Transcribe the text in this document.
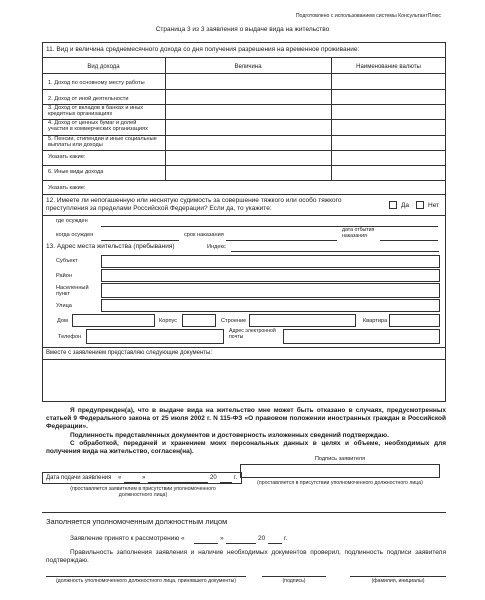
Подготовлено с использованием системы КонсультантПлюс
Страница 3 из 3 заявления о выдаче вида на жительство
11. Вид и величина среднемесячного дохода со дня получения разрешения на временное проживание:
Вид дохода	Величина	Наименование валюты
1. Доход по основному месту работы
2. Доход от иной деятельности
3. Доход от вкладов в банках и иных кредитных организациях
4. Доход от ценных бумаг и долей участия в коммерческих организациях
5. Пенсии, стипендии и иные социальные выплаты или доходы
Указать какие:
6. Иные виды дохода
Указать какие:
12. Имеете ли непогашенную или неснятую судимость за совершение тяжкого или особо тяжкого преступления за пределами Российской Федерации? Если да, то укажите:	Да	Нет
где осужден
когда осужден	срок наказания
дата отбытия наказания
13. Адрес места жительства (пребывания)	Индекс
Субъект
Район
Населенный пункт
Улица
Дом	Корпус	Строение	Квартира
Телефон
Адрес электронной почты
Вместе с заявлением представляю следующие документы:
Я предупрежден(а), что в выдаче вида на жительство мне может быть отказано в случаях, предусмотренных статьей 9 Федерального закона от 25 июля 2002 г. N 115-ФЗ «О правовом положении иностранных граждан в Российской Федерации».
Подлинность представленных документов и достоверность изложенных сведений подтверждаю.
С обработкой, передачей и хранением моих персональных данных в целях и объеме, необходимых для получения вида на жительство, согласен(на).
Подпись заявителя
(проставляется в присутствии уполномоченного должностного лица)
Дата подачи заявления «	»	20	г.
(проставляется заявителем в присутствии уполномоченного должностного лица)
Заполняется уполномоченным должностным лицом
Заявление принято к рассмотрению «	»	20	г.
Правильность заполнения заявления и наличие необходимых документов проверил, подлинность подписи заявителя подтверждаю.
(должность уполномоченного должностного лица, принявшего документы)	(подпись)	(фамилия, инициалы)
